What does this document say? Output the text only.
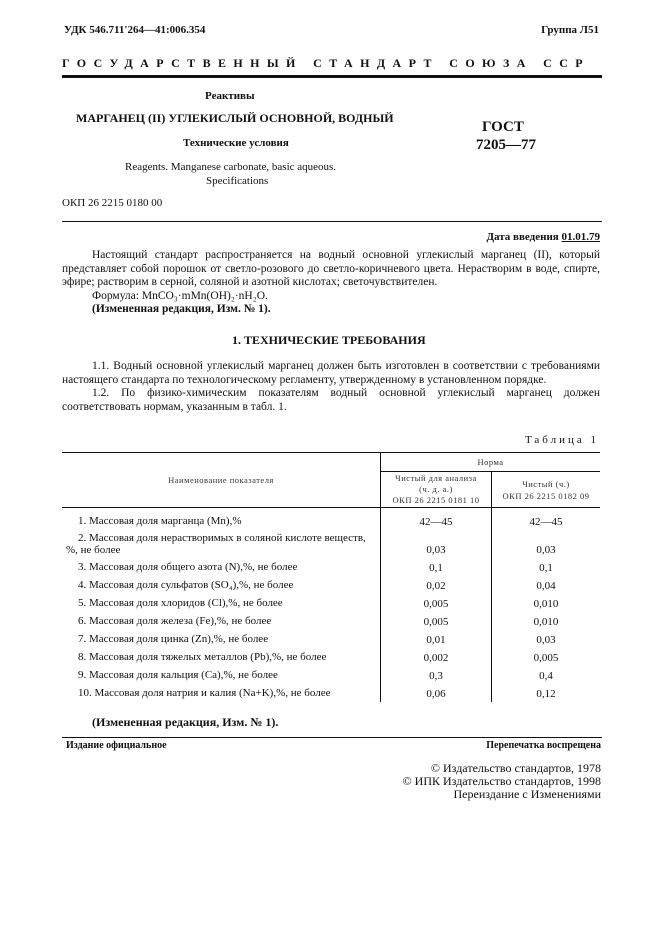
УДК 546.711'264—41:006.354	Группа Л51
ГОСУДАРСТВЕННЫЙ СТАНДАРТ СОЮЗА ССР
Реактивы
МАРГАНЕЦ (II) УГЛЕКИСЛЫЙ ОСНОВНОЙ, ВОДНЫЙ
Технические условия
ГОСТ
7205—77
Reagents. Manganese carbonate, basic aqueous.
Specifications
ОКП 26 2215 0180 00
Дата введения 01.01.79

Настоящий стандарт распространяется на водный основной углекислый марганец (II), который представляет собой порошок от светло-розового до светло-коричневого цвета. Нерастворим в воде, спирте, эфире; растворим в серной, соляной и азотной кислотах; светочувствителен.

Формула: MnCO₃·mMn(OH)₂·nH₂O.

(Измененная редакция, Изм. № 1).

1. ТЕХНИЧЕСКИЕ ТРЕБОВАНИЯ

1.1. Водный основной углекислый марганец должен быть изготовлен в соответствии с требованиями настоящего стандарта по технологическому регламенту, утвержденному в установленном порядке.

1.2. По физико-химическим показателям водный основной углекислый марганец должен соответствовать нормам, указанным в табл. 1.

Таблица 1
Наименование показателя	Норма	
	Чистый для анализа
(ч. д. а.)
ОКП 26 2215 0181 10	Чистый (ч.)
ОКП 26 2215 0182 09
1. Массовая доля марганца (Mn),%	42—45	42—45
2. Массовая доля нерастворимых в соляной кислоте веществ, %, не более	0,03	0,03
3. Массовая доля общего азота (N),%, не более	0,1	0,1
4. Массовая доля сульфатов (SO₄),%, не более	0,02	0,04
5. Массовая доля хлоридов (Cl),%, не более	0,005	0,010
6. Массовая доля железа (Fe),%, не более	0,005	0,010
7. Массовая доля цинка (Zn),%, не более	0,01	0,03
8. Массовая доля тяжелых металлов (Pb),%, не более	0,002	0,005
9. Массовая доля кальция (Ca),%, не более	0,3	0,4
10. Массовая доля натрия и калия (Na+K),%, не более	0,06	0,12
(Измененная редакция, Изм. № 1).
Издание официальное	Перепечатка воспрещена
© Издательство стандартов, 1978
© ИПК Издательство стандартов, 1998
Переиздание с Изменениями
